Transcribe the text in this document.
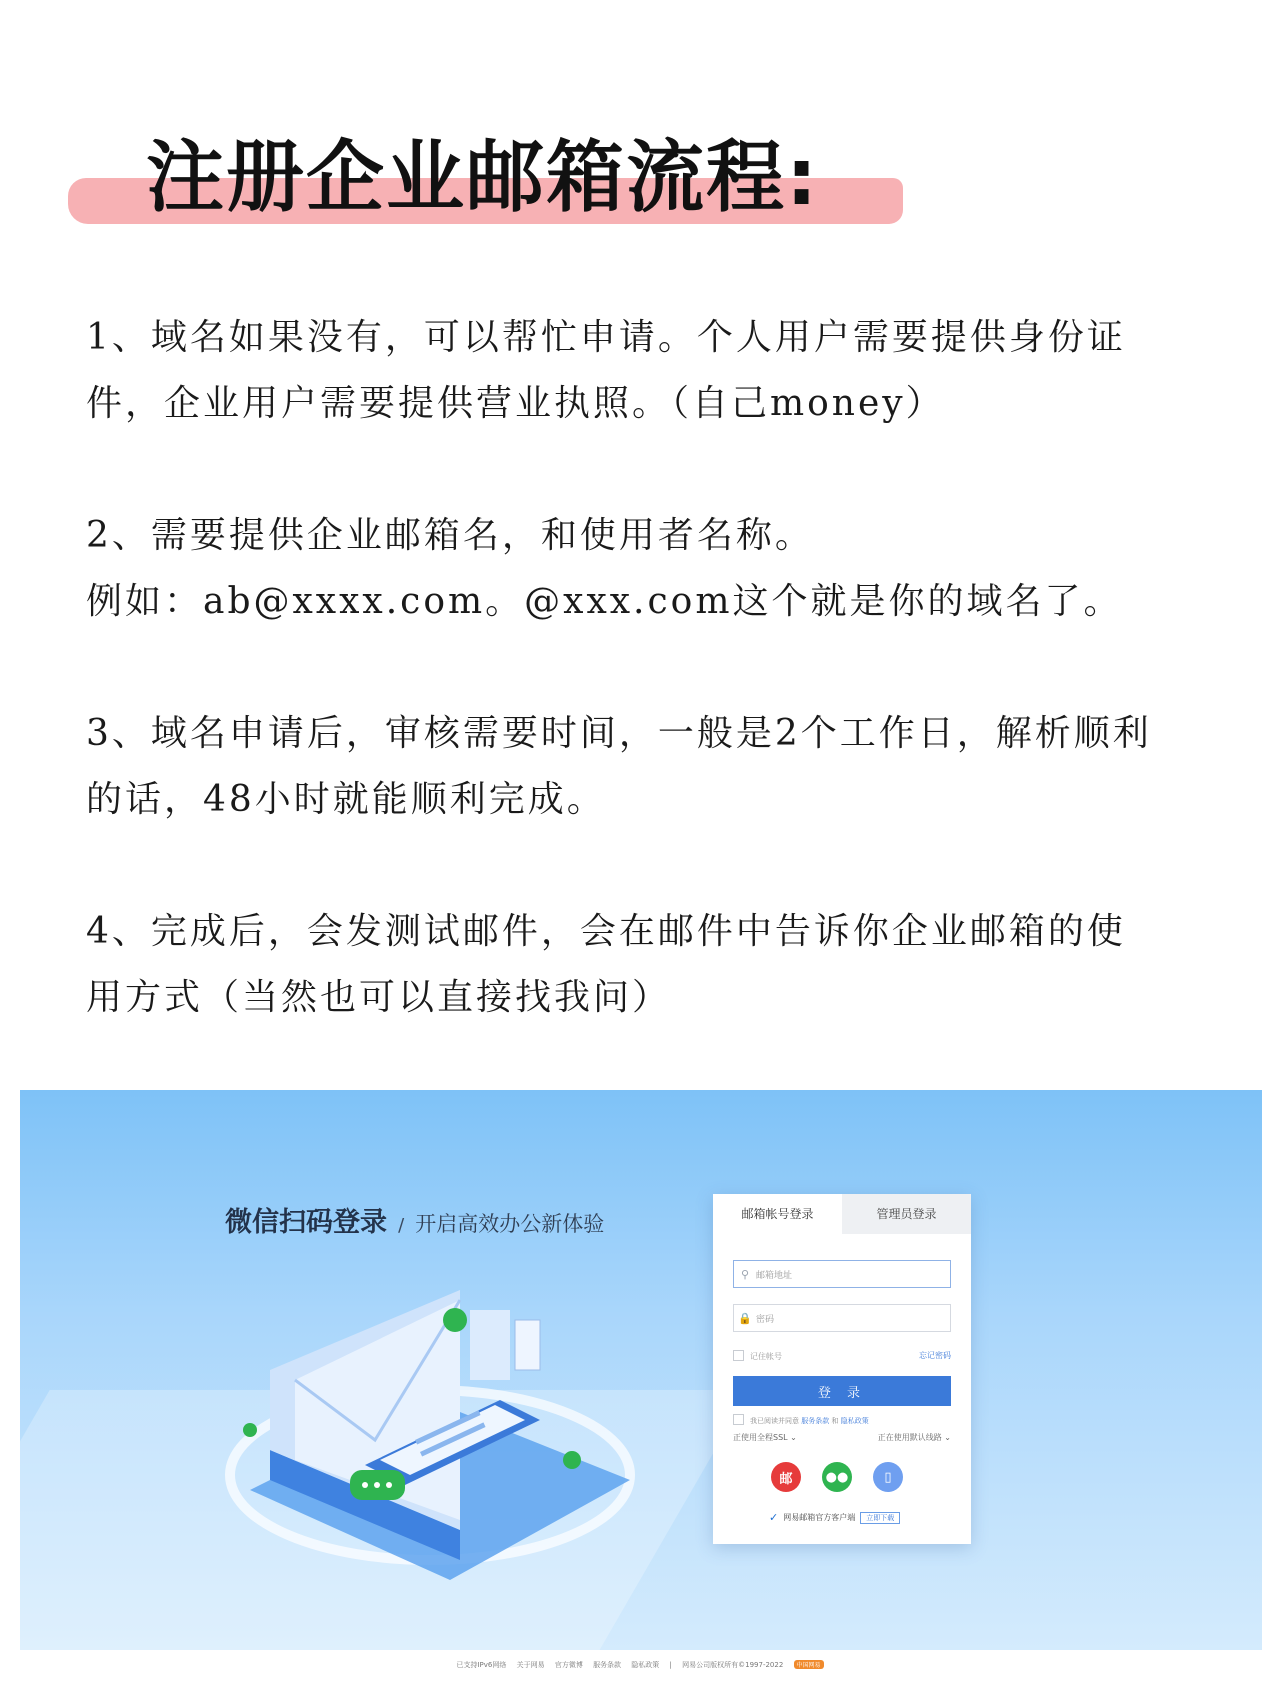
注册企业邮箱流程:

1、域名如果没有，可以帮忙申请。个人用户需要提供身份证

件，企业用户需要提供营业执照。（自己money）

2、需要提供企业邮箱名，和使用者名称。

例如：ab@xxxx.com。@xxx.com这个就是你的域名了。

3、域名申请后，审核需要时间，一般是2个工作日，解析顺利

的话，48小时就能顺利完成。

4、完成后，会发测试邮件，会在邮件中告诉你企业邮箱的使

用方式（当然也可以直接找我问）

微信扫码登录 / 开启高效办公新体验	邮箱帐号登录	管理员登录
⚲ 邮箱地址
🔒 密码
记住帐号	忘记密码
登 录
我已阅读并同意 服务条款 和 隐私政策
正使用全程SSL ⌄	正在使用默认线路 ⌄
邮	●●	▯
✓ 网易邮箱官方客户端	立即下载
已支持IPv6网络 关于网易 官方微博 服务条款 隐私政策 | 网易公司版权所有©1997-2022 中国网易
